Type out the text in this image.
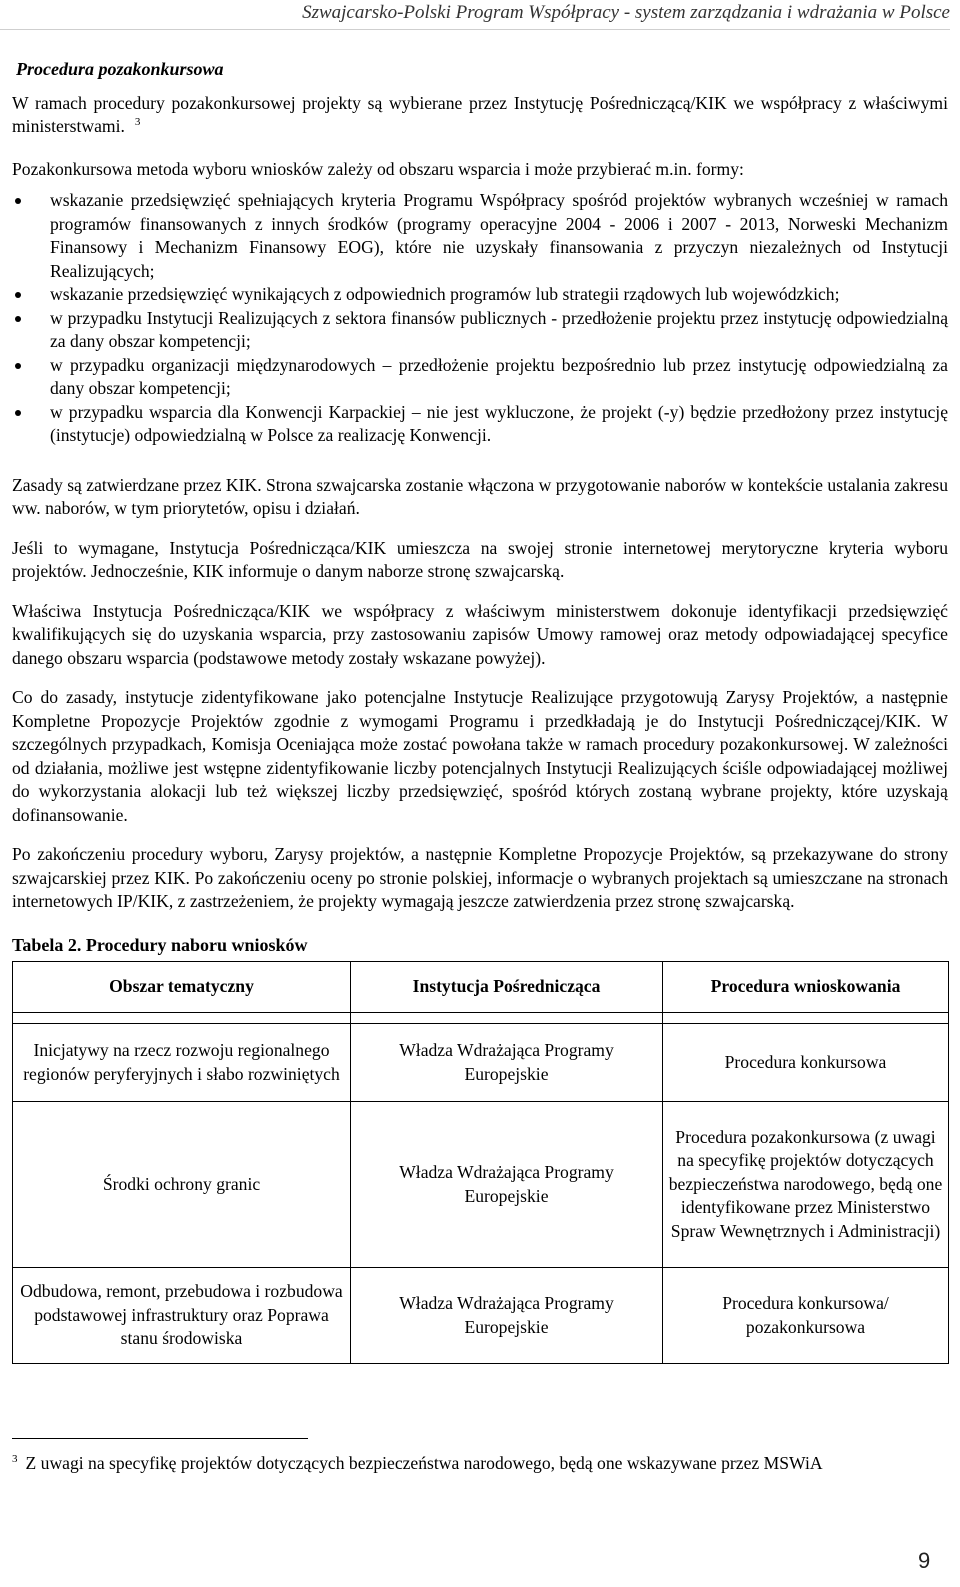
Szwajcarsko-Polski Program Współpracy - system zarządzania i wdrażania w Polsce
Procedura pozakonkursowa

W ramach procedury pozakonkursowej projekty są wybierane przez Instytucję Pośredniczącą/KIK we współpracy z właściwymi ministerstwami. $^3$

Pozakonkursowa metoda wyboru wniosków zależy od obszaru wsparcia i może przybierać m.in. formy:

wskazanie przedsięwzięć spełniających kryteria Programu Współpracy spośród projektów wybranych wcześniej w ramach programów finansowanych z innych środków (programy operacyjne 2004 - 2006 i 2007 - 2013, Norweski Mechanizm Finansowy i Mechanizm Finansowy EOG), które nie uzyskały finansowania z przyczyn niezależnych od Instytucji Realizujących;
wskazanie przedsięwzięć wynikających z odpowiednich programów lub strategii rządowych lub wojewódzkich;
w przypadku Instytucji Realizujących z sektora finansów publicznych - przedłożenie projektu przez instytucję odpowiedzialną za dany obszar kompetencji;
w przypadku organizacji międzynarodowych – przedłożenie projektu bezpośrednio lub przez instytucję odpowiedzialną za dany obszar kompetencji;
w przypadku wsparcia dla Konwencji Karpackiej – nie jest wykluczone, że projekt (-y) będzie przedłożony przez instytucję (instytucje) odpowiedzialną w Polsce za realizację Konwencji.

Zasady są zatwierdzane przez KIK. Strona szwajcarska zostanie włączona w przygotowanie naborów w kontekście ustalania zakresu ww. naborów, w tym priorytetów, opisu i działań.

Jeśli to wymagane, Instytucja Pośrednicząca/KIK umieszcza na swojej stronie internetowej merytoryczne kryteria wyboru projektów. Jednocześnie, KIK informuje o danym naborze stronę szwajcarską.

Właściwa Instytucja Pośrednicząca/KIK we współpracy z właściwym ministerstwem dokonuje identyfikacji przedsięwzięć kwalifikujących się do uzyskania wsparcia, przy zastosowaniu zapisów Umowy ramowej oraz metody odpowiadającej specyfice danego obszaru wsparcia (podstawowe metody zostały wskazane powyżej).

Co do zasady, instytucje zidentyfikowane jako potencjalne Instytucje Realizujące przygotowują Zarysy Projektów, a następnie Kompletne Propozycje Projektów zgodnie z wymogami Programu i przedkładają je do Instytucji Pośredniczącej/KIK. W szczególnych przypadkach, Komisja Oceniająca może zostać powołana także w ramach procedury pozakonkursowej. W zależności od działania, możliwe jest wstępne zidentyfikowanie liczby potencjalnych Instytucji Realizujących ściśle odpowiadającej możliwej do wykorzystania alokacji lub też większej liczby przedsięwzięć, spośród których zostaną wybrane projekty, które uzyskają dofinansowanie.

Po zakończeniu procedury wyboru, Zarysy projektów, a następnie Kompletne Propozycje Projektów, są przekazywane do strony szwajcarskiej przez KIK. Po zakończeniu oceny po stronie polskiej, informacje o wybranych projektach są umieszczane na stronach internetowych IP/KIK, z zastrzeżeniem, że projekty wymagają jeszcze zatwierdzenia przez stronę szwajcarską.

Tabela 2. Procedury naboru wniosków
Obszar tematyczny	Instytucja Pośrednicząca	Procedura wnioskowania

Inicjatywy na rzecz rozwoju regionalnego regionów peryferyjnych i słabo rozwiniętych	Władza Wdrażająca Programy Europejskie	Procedura konkursowa
Środki ochrony granic	Władza Wdrażająca Programy Europejskie	Procedura pozakonkursowa (z uwagi na specyfikę projektów dotyczących bezpieczeństwa narodowego, będą one identyfikowane przez Ministerstwo Spraw Wewnętrznych i Administracji)
Odbudowa, remont, przebudowa i rozbudowa podstawowej infrastruktury oraz Poprawa stanu środowiska	Władza Wdrażająca Programy Europejskie	Procedura konkursowa/ pozakonkursowa
$^3$ Z uwagi na specyfikę projektów dotyczących bezpieczeństwa narodowego, będą one wskazywane przez MSWiA
9
